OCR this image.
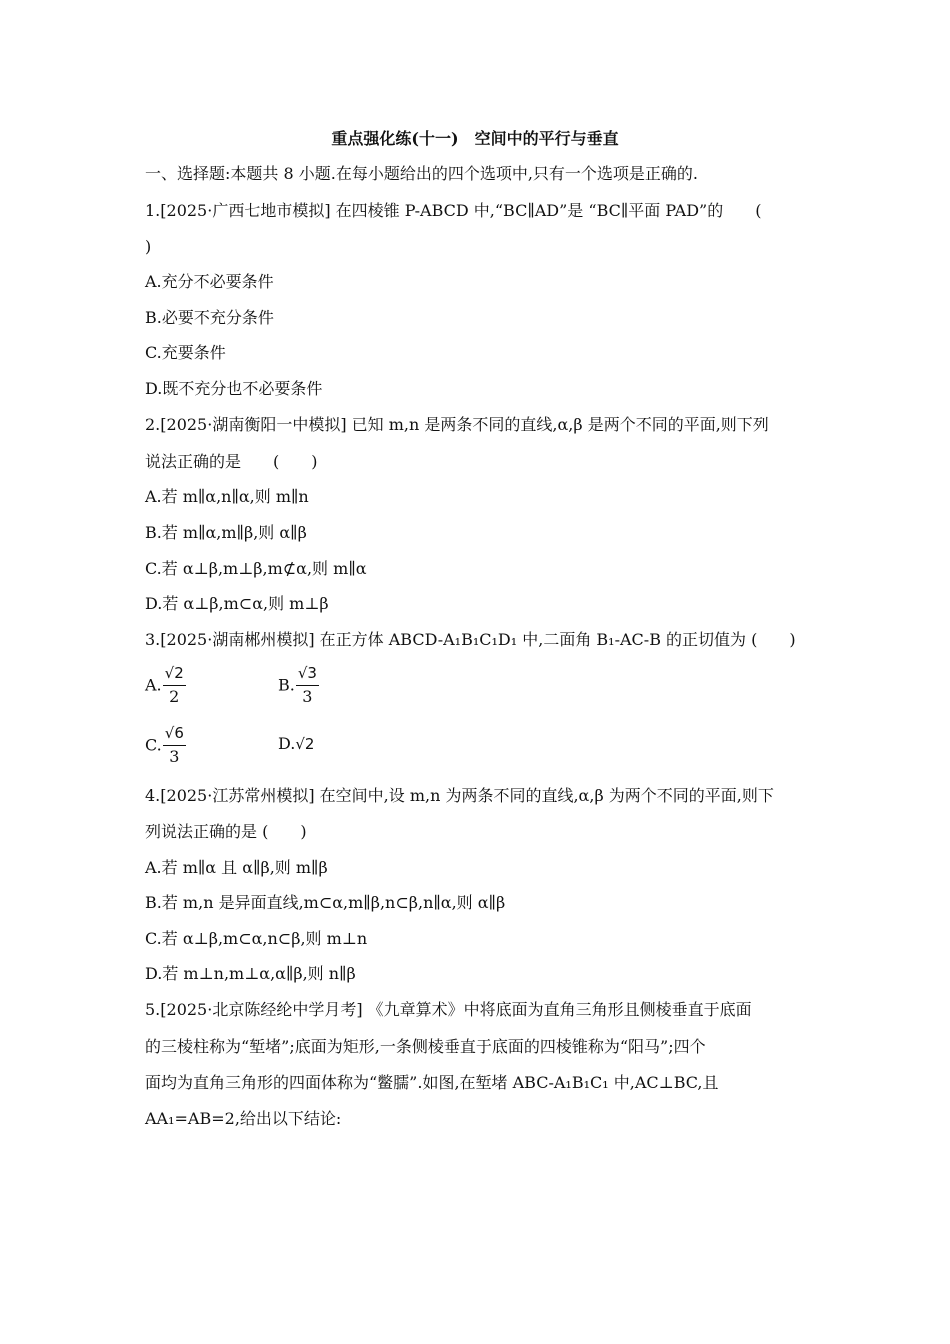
重点强化练(十一)　空间中的平行与垂直
一、选择题:本题共 8 小题.在每小题给出的四个选项中,只有一个选项是正确的.
1.[2025·广西七地市模拟] 在四棱锥 P-ABCD 中,“BC∥AD”是 “BC∥平面 PAD”的　　(
)
A.充分不必要条件
B.必要不充分条件
C.充要条件
D.既不充分也不必要条件
2.[2025·湖南衡阳一中模拟] 已知 m,n 是两条不同的直线,α,β 是两个不同的平面,则下列
说法正确的是　　(　　)
A.若 m∥α,n∥α,则 m∥n
B.若 m∥α,m∥β,则 α∥β
C.若 α⊥β,m⊥β,m⊄α,则 m∥α
D.若 α⊥β,m⊂α,则 m⊥β
3.[2025·湖南郴州模拟] 在正方体 ABCD-A₁B₁C₁D₁ 中,二面角 B₁-AC-B 的正切值为 (　　)
A. $\frac{√2}{2}$	B. $\frac{√3}{3}$
C. $\frac{√6}{3}$	D.√2
4.[2025·江苏常州模拟] 在空间中,设 m,n 为两条不同的直线,α,β 为两个不同的平面,则下
列说法正确的是 (　　)
A.若 m∥α 且 α∥β,则 m∥β
B.若 m,n 是异面直线,m⊂α,m∥β,n⊂β,n∥α,则 α∥β
C.若 α⊥β,m⊂α,n⊂β,则 m⊥n
D.若 m⊥n,m⊥α,α∥β,则 n∥β
5.[2025·北京陈经纶中学月考] 《九章算术》中将底面为直角三角形且侧棱垂直于底面
的三棱柱称为“堑堵”;底面为矩形,一条侧棱垂直于底面的四棱锥称为“阳马”;四个
面均为直角三角形的四面体称为“鳖臑”.如图,在堑堵 ABC-A₁B₁C₁ 中,AC⊥BC,且
AA₁=AB=2,给出以下结论:
